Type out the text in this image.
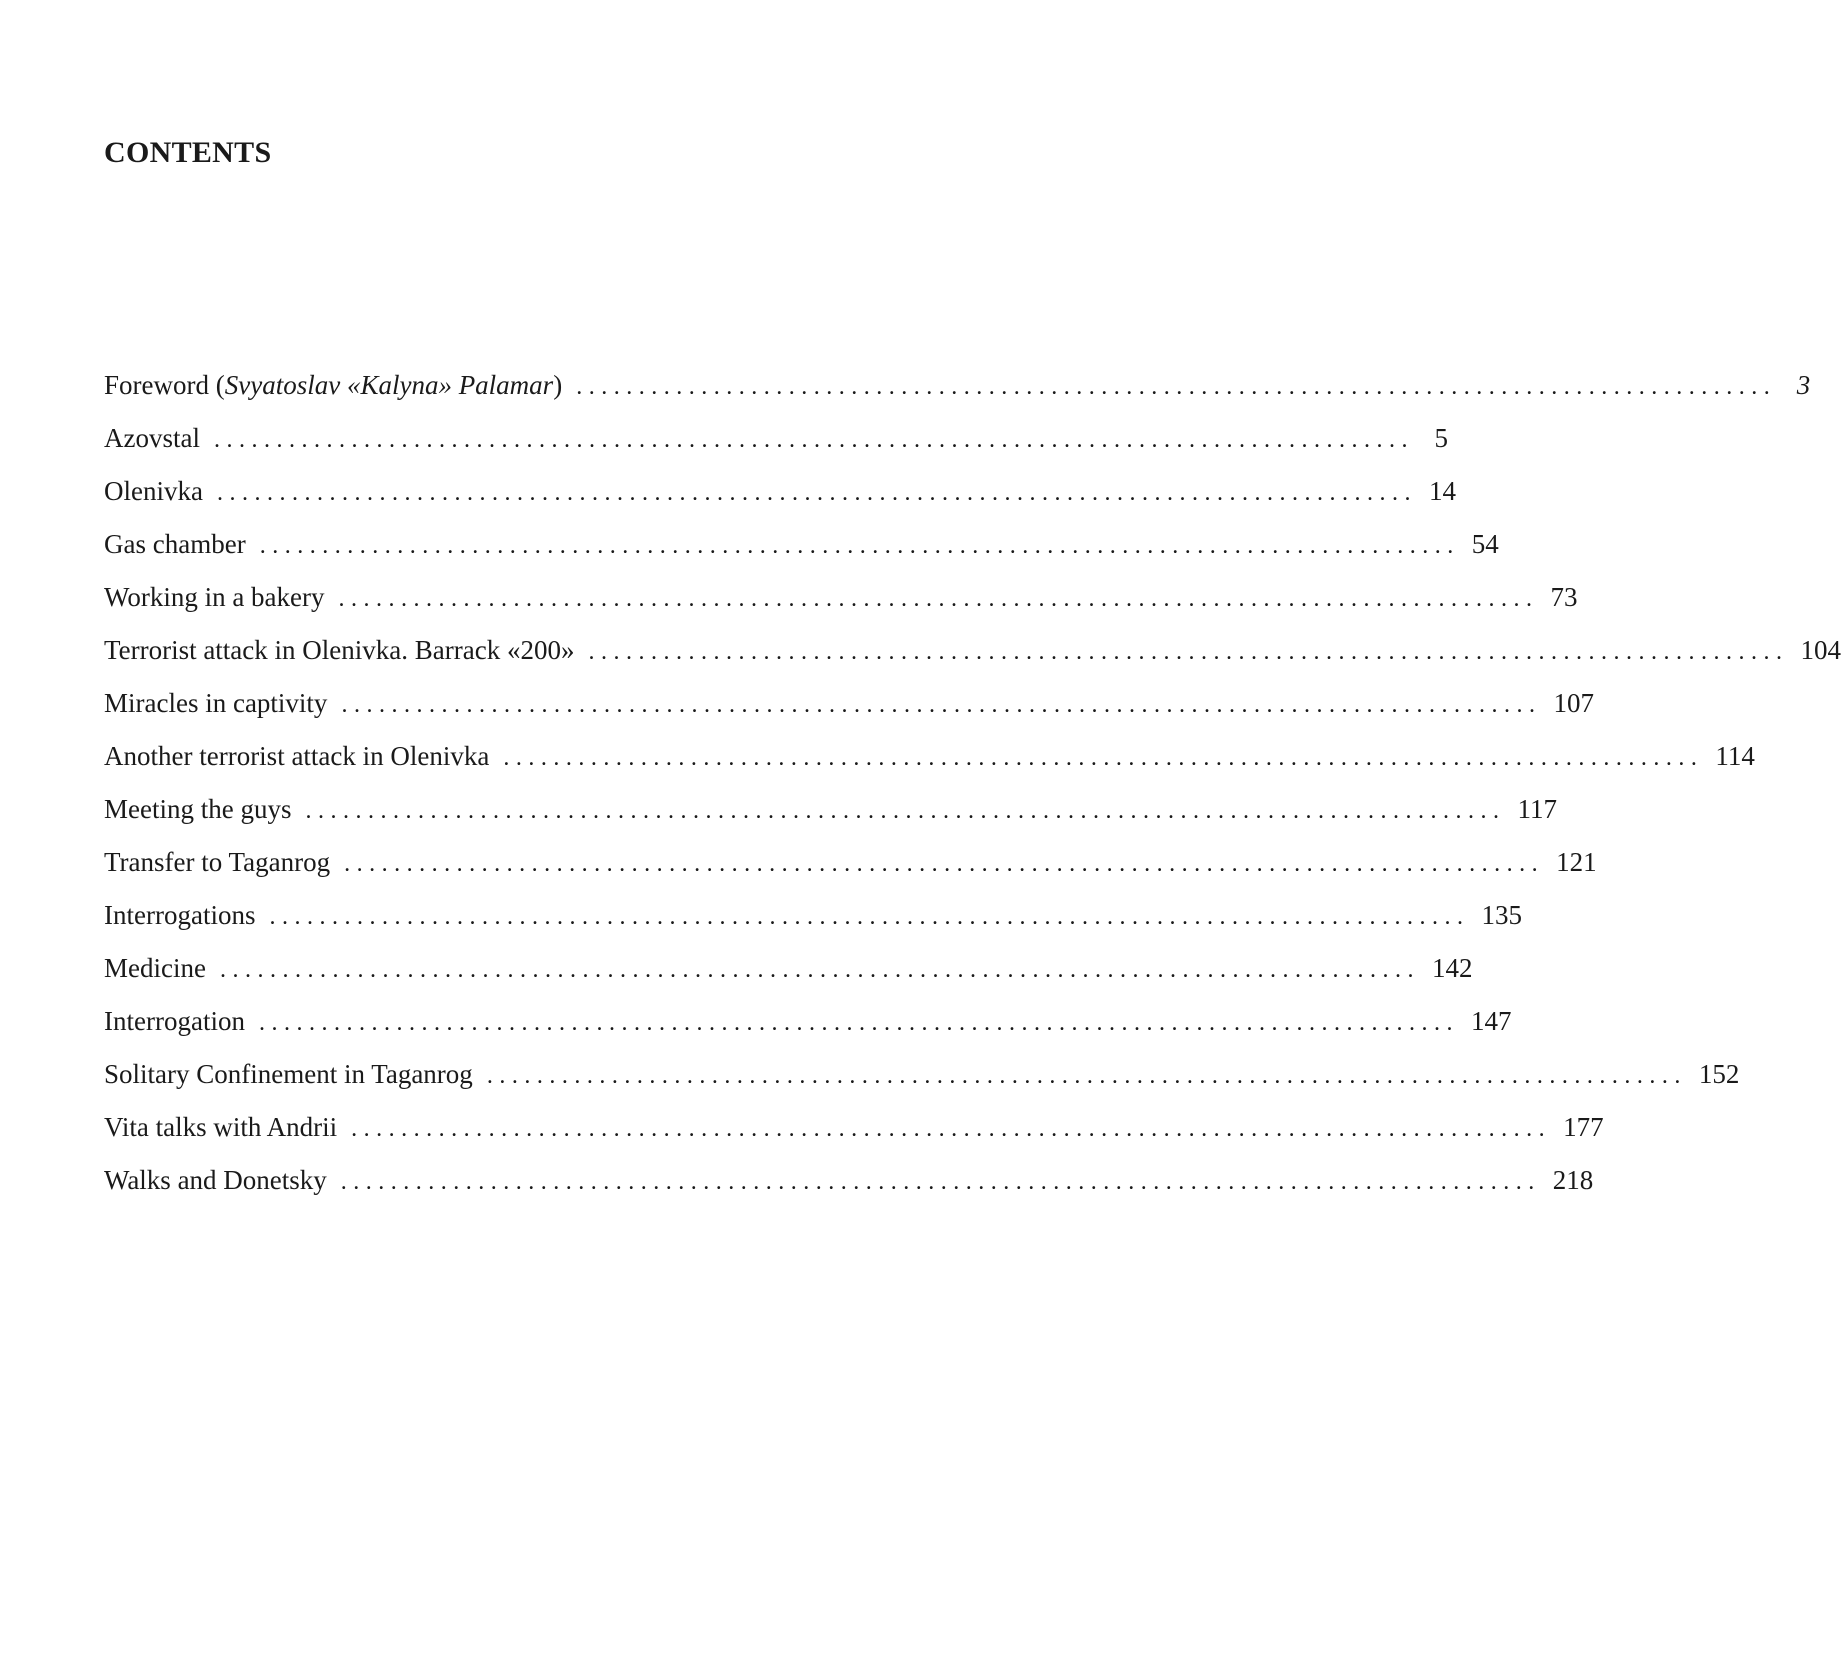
CONTENTS
Foreword (Svyatoslav «Kalyna» Palamar) ................................................................................................ 3
Azovstal ................................................................................................ 5
Olenivka ................................................................................................ 14
Gas chamber ................................................................................................ 54
Working in a bakery ................................................................................................ 73
Terrorist attack in Olenivka. Barrack «200» ................................................................................................ 104
Miracles in captivity ................................................................................................ 107
Another terrorist attack in Olenivka ................................................................................................ 114
Meeting the guys ................................................................................................ 117
Transfer to Taganrog ................................................................................................ 121
Interrogations ................................................................................................ 135
Medicine ................................................................................................ 142
Interrogation ................................................................................................ 147
Solitary Confinement in Taganrog ................................................................................................ 152
Vita talks with Andrii ................................................................................................ 177
Walks and Donetsky ................................................................................................ 218
